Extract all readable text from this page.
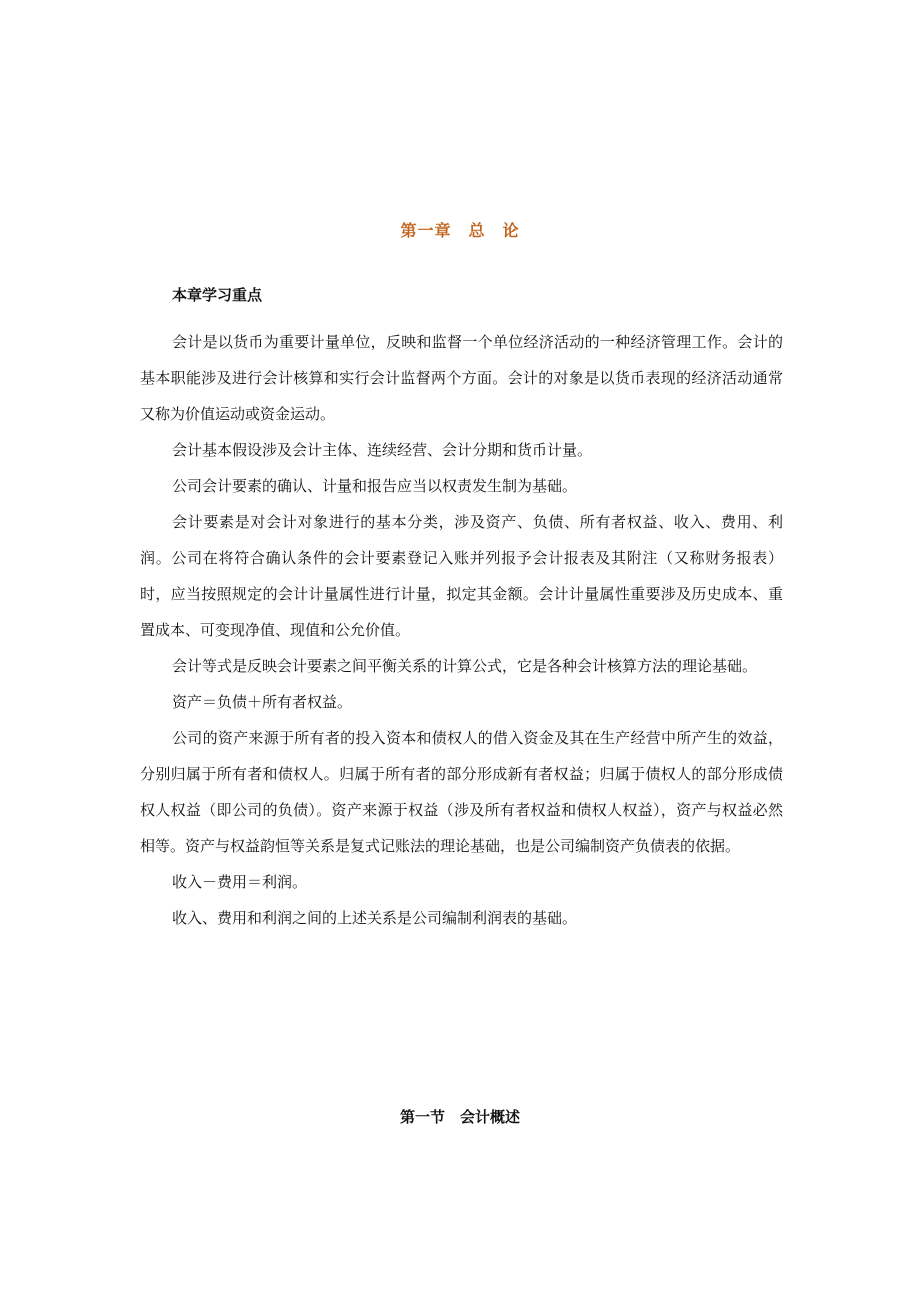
第一章　总　论
本章学习重点

会计是以货币为重要计量单位，反映和监督一个单位经济活动的一种经济管理工作。会计的基本职能涉及进行会计核算和实行会计监督两个方面。会计的对象是以货币表现的经济活动通常又称为价值运动或资金运动。

会计基本假设涉及会计主体、连续经营、会计分期和货币计量。

公司会计要素的确认、计量和报告应当以权责发生制为基础。

会计要素是对会计对象进行的基本分类，涉及资产、负债、所有者权益、收入、费用、利润。公司在将符合确认条件的会计要素登记入账并列报予会计报表及其附注（又称财务报表）时，应当按照规定的会计计量属性进行计量，拟定其金额。会计计量属性重要涉及历史成本、重置成本、可变现净值、现值和公允价值。

会计等式是反映会计要素之间平衡关系的计算公式，它是各种会计核算方法的理论基础。

资产＝负债＋所有者权益。

公司的资产来源于所有者的投入资本和债权人的借入资金及其在生产经营中所产生的效益，分别归属于所有者和债权人。归属于所有者的部分形成新有者权益；归属于债权人的部分形成债权人权益（即公司的负债）。资产来源于权益（涉及所有者权益和债权人权益），资产与权益必然相等。资产与权益韵恒等关系是复式记账法的理论基础，也是公司编制资产负债表的依据。

收入－费用＝利润。

收入、费用和利润之间的上述关系是公司编制利润表的基础。

第一节　会计概述
